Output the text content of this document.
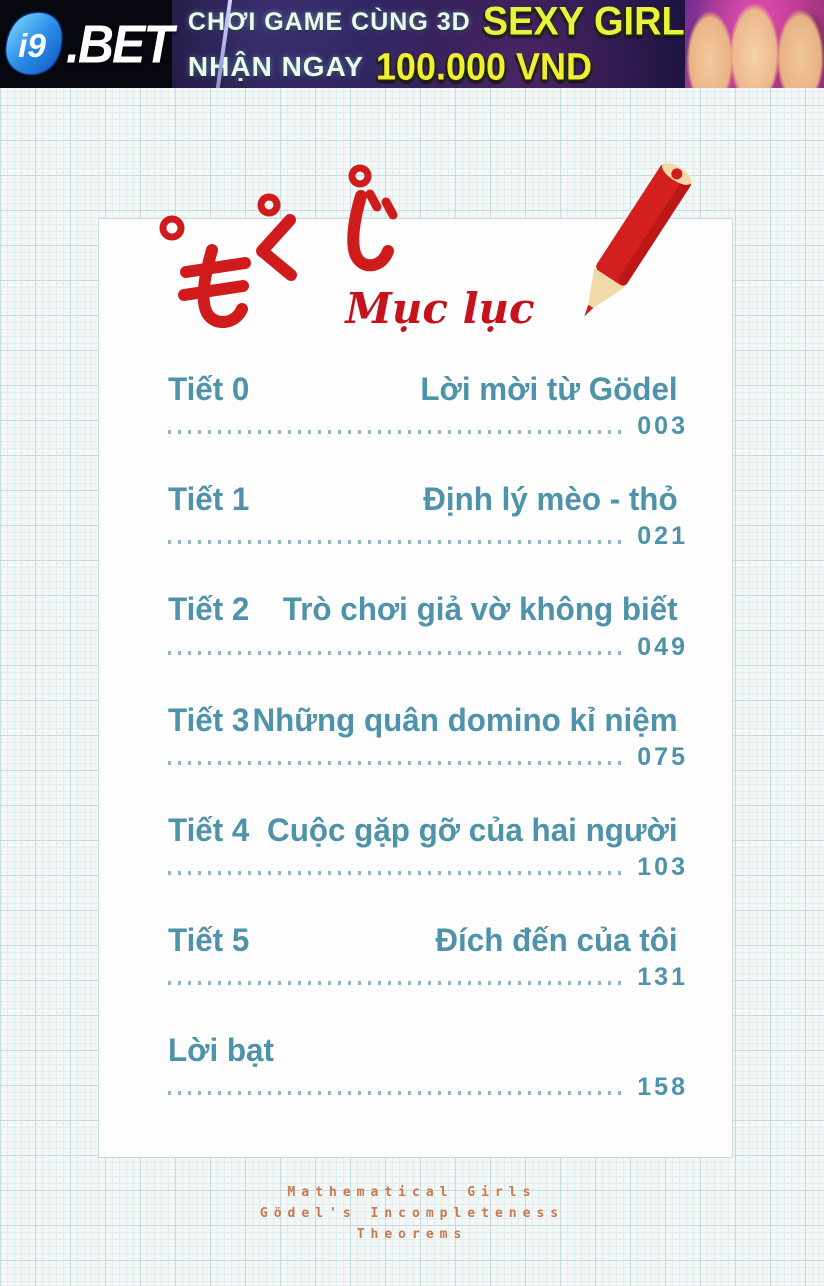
i9 .BET CHƠI GAME CÙNG 3D SEXY GIRL
NHẬN NGAY 100.000 VND
Mục lục
Tiết 0	Lời mời từ Gödel
003
Tiết 1	Định lý mèo - thỏ
021
Tiết 2 Trò chơi giả vờ không biết
049
Tiết 3 Những quân domino kỉ niệm
075
Tiết 4 Cuộc gặp gỡ của hai người
103
Tiết 5	Đích đến của tôi
131
Lời bạt
158
Mathematical Girls
Gödel's Incompleteness
Theorems
